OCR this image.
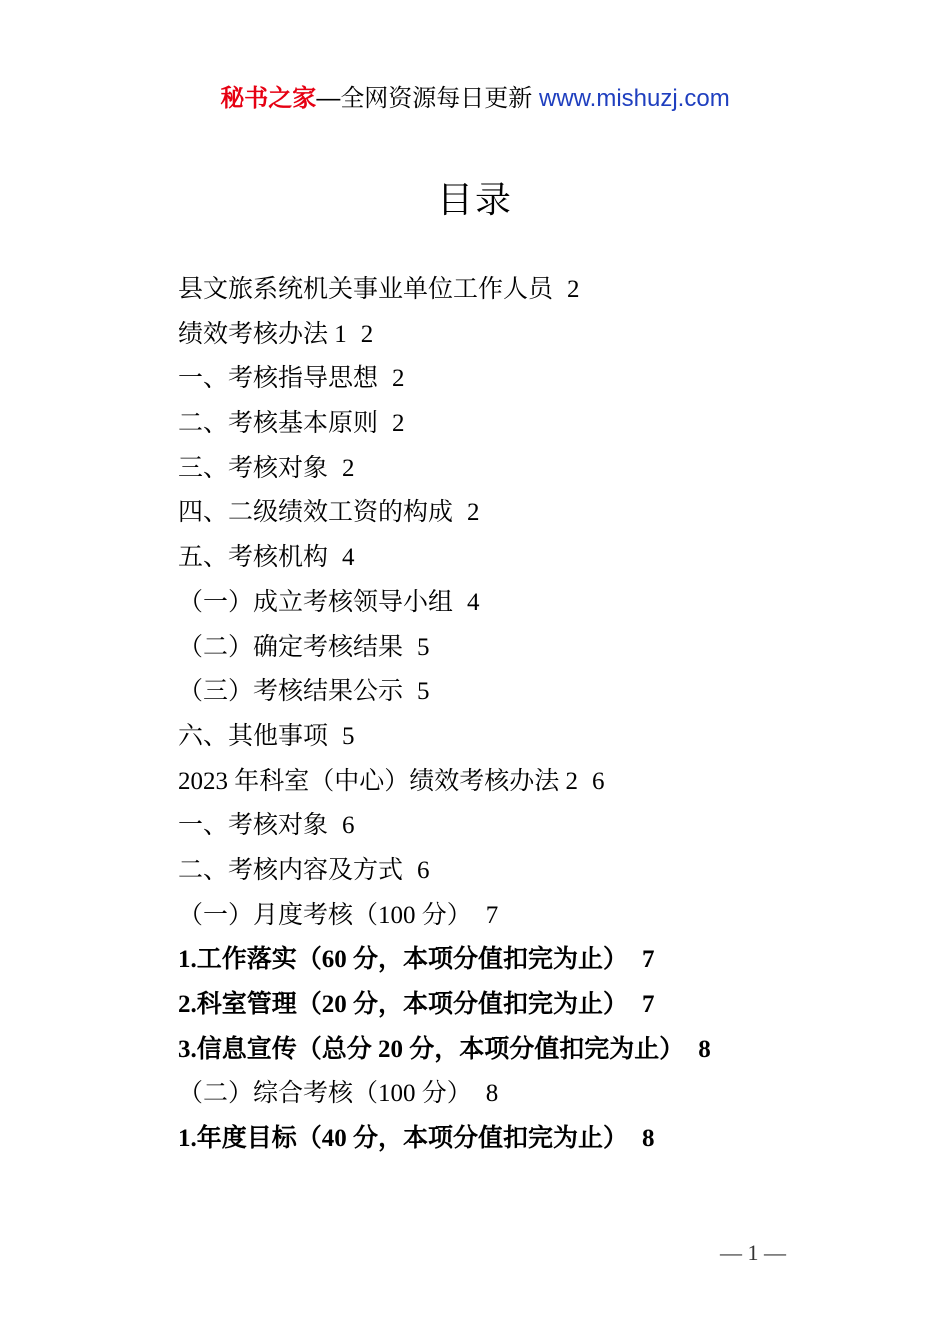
秘书之家—全网资源每日更新 www.mishuzj.com
目录
县文旅系统机关事业单位工作人员 2
绩效考核办法 1 2
一、考核指导思想 2
二、考核基本原则 2
三、考核对象 2
四、二级绩效工资的构成 2
五、考核机构 4
（一）成立考核领导小组 4
（二）确定考核结果 5
（三）考核结果公示 5
六、其他事项 5
2023 年科室（中心）绩效考核办法 2 6
一、考核对象 6
二、考核内容及方式 6
（一）月度考核（100 分） 7
1.工作落实（60 分，本项分值扣完为止） 7
2.科室管理（20 分，本项分值扣完为止） 7
3.信息宣传（总分 20 分，本项分值扣完为止） 8
（二）综合考核（100 分） 8
1.年度目标（40 分，本项分值扣完为止） 8
— 1 —
